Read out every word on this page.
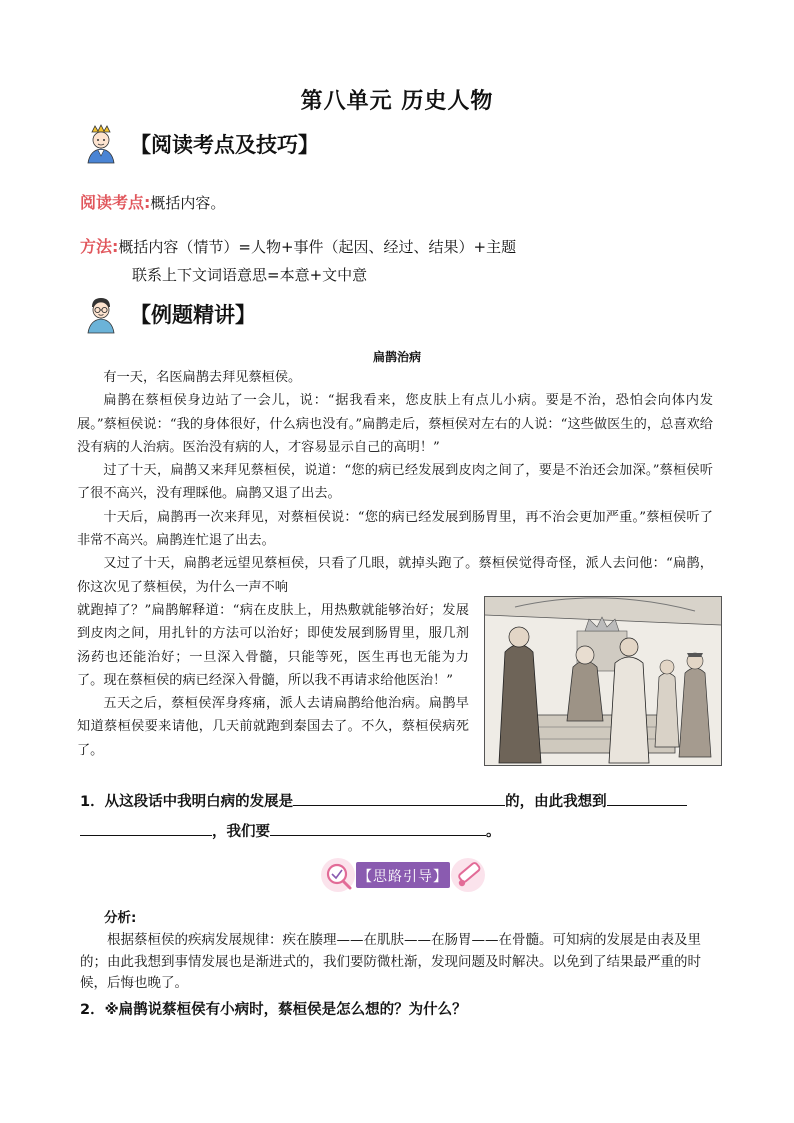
第八单元 历史人物
【阅读考点及技巧】
阅读考点:概括内容。
方法:概括内容（情节）=人物+事件（起因、经过、结果）+主题
联系上下文词语意思=本意+文中意
【例题精讲】
扁鹊治病

有一天，名医扁鹊去拜见蔡桓侯。

扁鹊在蔡桓侯身边站了一会儿，说：“据我看来，您皮肤上有点儿小病。要是不治，恐怕会向体内发展。”蔡桓侯说：“我的身体很好，什么病也没有。”扁鹊走后，蔡桓侯对左右的人说：“这些做医生的，总喜欢给没有病的人治病。医治没有病的人，才容易显示自己的高明！”

过了十天，扁鹊又来拜见蔡桓侯，说道：“您的病已经发展到皮肉之间了，要是不治还会加深。”蔡桓侯听了很不高兴，没有理睬他。扁鹊又退了出去。

十天后，扁鹊再一次来拜见，对蔡桓侯说：“您的病已经发展到肠胃里，再不治会更加严重。”蔡桓侯听了非常不高兴。扁鹊连忙退了出去。

又过了十天，扁鹊老远望见蔡桓侯，只看了几眼，就掉头跑了。蔡桓侯觉得奇怪，派人去问他：“扁鹊，你这次见了蔡桓侯，为什么一声不响

就跑掉了？”扁鹊解释道：“病在皮肤上，用热敷就能够治好；发展到皮肉之间，用扎针的方法可以治好；即使发展到肠胃里，服几剂汤药也还能治好；一旦深入骨髓，只能等死，医生再也无能为力了。现在蔡桓侯的病已经深入骨髓，所以我不再请求给他医治！”

五天之后，蔡桓侯浑身疼痛，派人去请扁鹊给他治病。扁鹊早知道蔡桓侯要来请他，几天前就跑到秦国去了。不久，蔡桓侯病死了。

1．从这段话中我明白病的发展是	的，由此我想到
，我们要	。
【思路引导】
分析:
根据蔡桓侯的疾病发展规律：疾在腠理——在肌肤——在肠胃——在骨髓。可知病的发展是由表及里的；由此我想到事情发展也是渐进式的，我们要防微杜渐，发现问题及时解决。以免到了结果最严重的时候，后悔也晚了。
2．※扁鹊说蔡桓侯有小病时，蔡桓侯是怎么想的？为什么？
